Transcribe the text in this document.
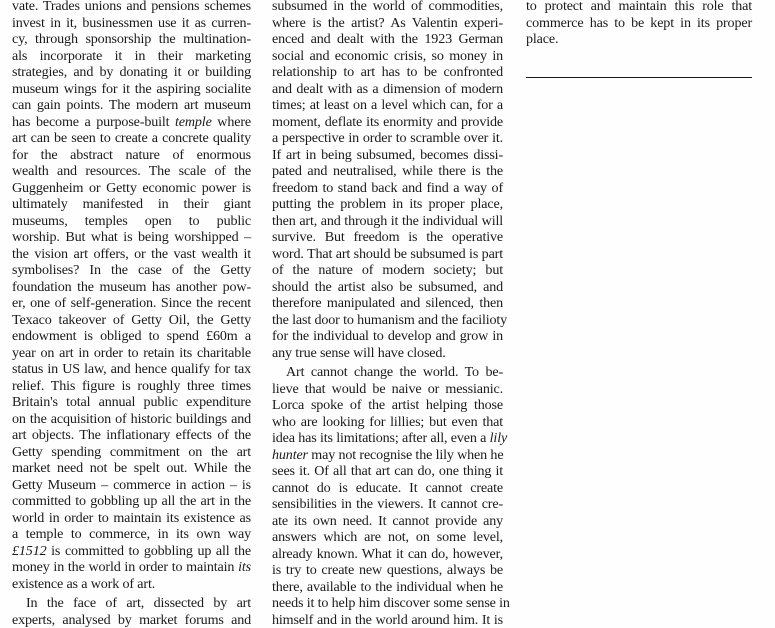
vate. Trades unions and pensions schemes
invest in it, businessmen use it as curren-
cy, through sponsorship the multination-
als incorporate it in their marketing
strategies, and by donating it or building
museum wings for it the aspiring socialite
can gain points. The modern art museum
has become a purpose-built temple where
art can be seen to create a concrete quality
for the abstract nature of enormous
wealth and resources. The scale of the
Guggenheim or Getty economic power is
ultimately manifested in their giant
museums, temples open to public
worship. But what is being worshipped –
the vision art offers, or the vast wealth it
symbolises? In the case of the Getty
foundation the museum has another pow-
er, one of self-generation. Since the recent
Texaco takeover of Getty Oil, the Getty
endowment is obliged to spend £60m a
year on art in order to retain its charitable
status in US law, and hence qualify for tax
relief. This figure is roughly three times
Britain's total annual public expenditure
on the acquisition of historic buildings and
art objects. The inflationary effects of the
Getty spending commitment on the art
market need not be spelt out. While the
Getty Museum – commerce in action – is
committed to gobbling up all the art in the
world in order to maintain its existence as
a temple to commerce, in its own way
£1512 is committed to gobbling up all the
money in the world in order to maintain its
existence as a work of art.
In the face of art, dissected by art
experts, analysed by market forums and
subsumed in the world of commodities,
where is the artist? As Valentin experi-
enced and dealt with the 1923 German
social and economic crisis, so money in
relationship to art has to be confronted
and dealt with as a dimension of modern
times; at least on a level which can, for a
moment, deflate its enormity and provide
a perspective in order to scramble over it.
If art in being subsumed, becomes dissi-
pated and neutralised, while there is the
freedom to stand back and find a way of
putting the problem in its proper place,
then art, and through it the individual will
survive. But freedom is the operative
word. That art should be subsumed is part
of the nature of modern society; but
should the artist also be subsumed, and
therefore manipulated and silenced, then
the last door to humanism and the facilioty
for the individual to develop and grow in
any true sense will have closed.
Art cannot change the world. To be-
lieve that would be naive or messianic.
Lorca spoke of the artist helping those
who are looking for lillies; but even that
idea has its limitations; after all, even a lily
hunter may not recognise the lily when he
sees it. Of all that art can do, one thing it
cannot do is educate. It cannot create
sensibilities in the viewers. It cannot cre-
ate its own need. It cannot provide any
answers which are not, on some level,
already known. What it can do, however,
is try to create new questions, always be
there, available to the individual when he
needs it to help him discover some sense in
himself and in the world around him. It is
to protect and maintain this role that
commerce has to be kept in its proper
place.
